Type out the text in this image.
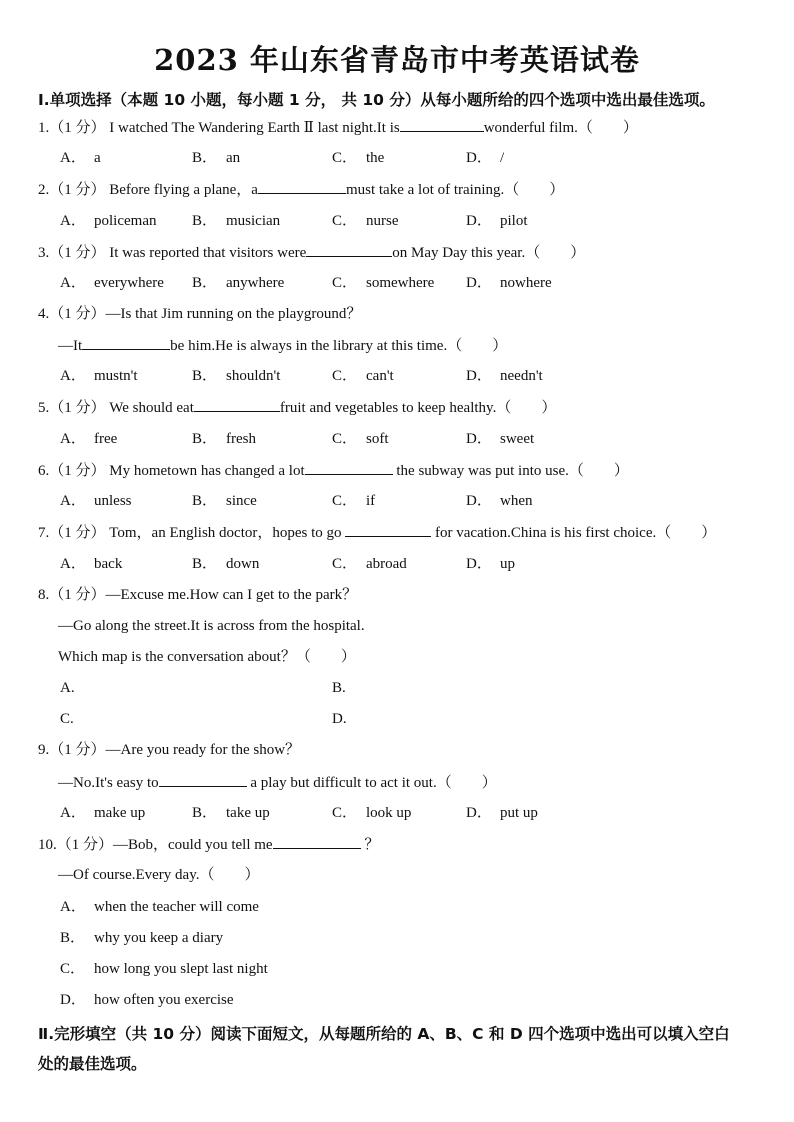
2023 年山东省青岛市中考英语试卷
I.单项选择（本题 10 小题，每小题 1 分， 共 10 分）从每小题所给的四个选项中选出最佳选项。
1.（1 分） I watched The Wandering Earth Ⅱ last night.It is	wonderful film.（　　）
A． a	B． an	C． the	D． /
2.（1 分） Before flying a plane，a	must take a lot of training.（　　）
A． policeman B． musician	C． nurse	D． pilot
3.（1 分） It was reported that visitors were	on May Day this year.（　　）
A． everywhere B． anywhere	C． somewhere D． nowhere
4.（1 分）—Is that Jim running on the playground？
—It	be him.He is always in the library at this time.（　　）
A． mustn't	B． shouldn't	C． can't	D． needn't
5.（1 分） We should eat	fruit and vegetables to keep healthy.（　　）
A． free	B． fresh	C． soft	D． sweet
6.（1 分） My hometown has changed a lot	the subway was put into use.（　　）
A． unless	B． since	C． if	D． when
7.（1 分） Tom，an English doctor，hopes to go	for vacation.China is his first choice.（　　）
A． back	B． down	C． abroad	D． up
8.（1 分）—Excuse me.How can I get to the park？
—Go along the street.It is across from the hospital.
Which map is the conversation about？（　　）
A.	B.
C.	D.
9.（1 分）—Are you ready for the show？
—No.It's easy to	a play but difficult to act it out.（　　）
A． make up	B． take up	C． look up	D． put up
10.（1 分）—Bob，could you tell me	？
—Of course.Every day.（　　）
A． when the teacher will come
B． why you keep a diary
C． how long you slept last night
D． how often you exercise
Ⅱ.完形填空（共 10 分）阅读下面短文，从每题所给的 A、B、C 和 D 四个选项中选出可以填入空白
处的最佳选项。
